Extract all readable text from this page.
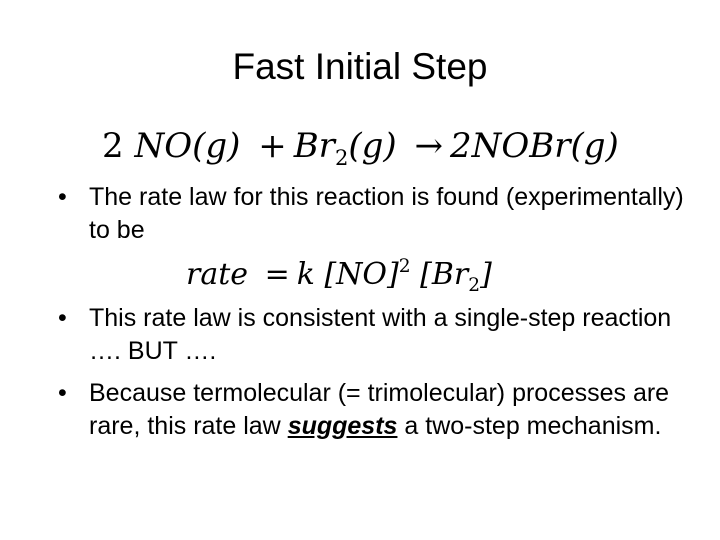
Fast Initial Step
2 $NO(g) + Br_2(g)$ → 2NOBr(g)
• The rate law for this reaction is found (experimentally) to be
rate = k [NO]$^2$ $[Br_2]$
• This rate law is consistent with a single-step reaction …. BUT ….
• Because termolecular (= trimolecular) processes are rare, this rate law suggests a two-step mechanism.
